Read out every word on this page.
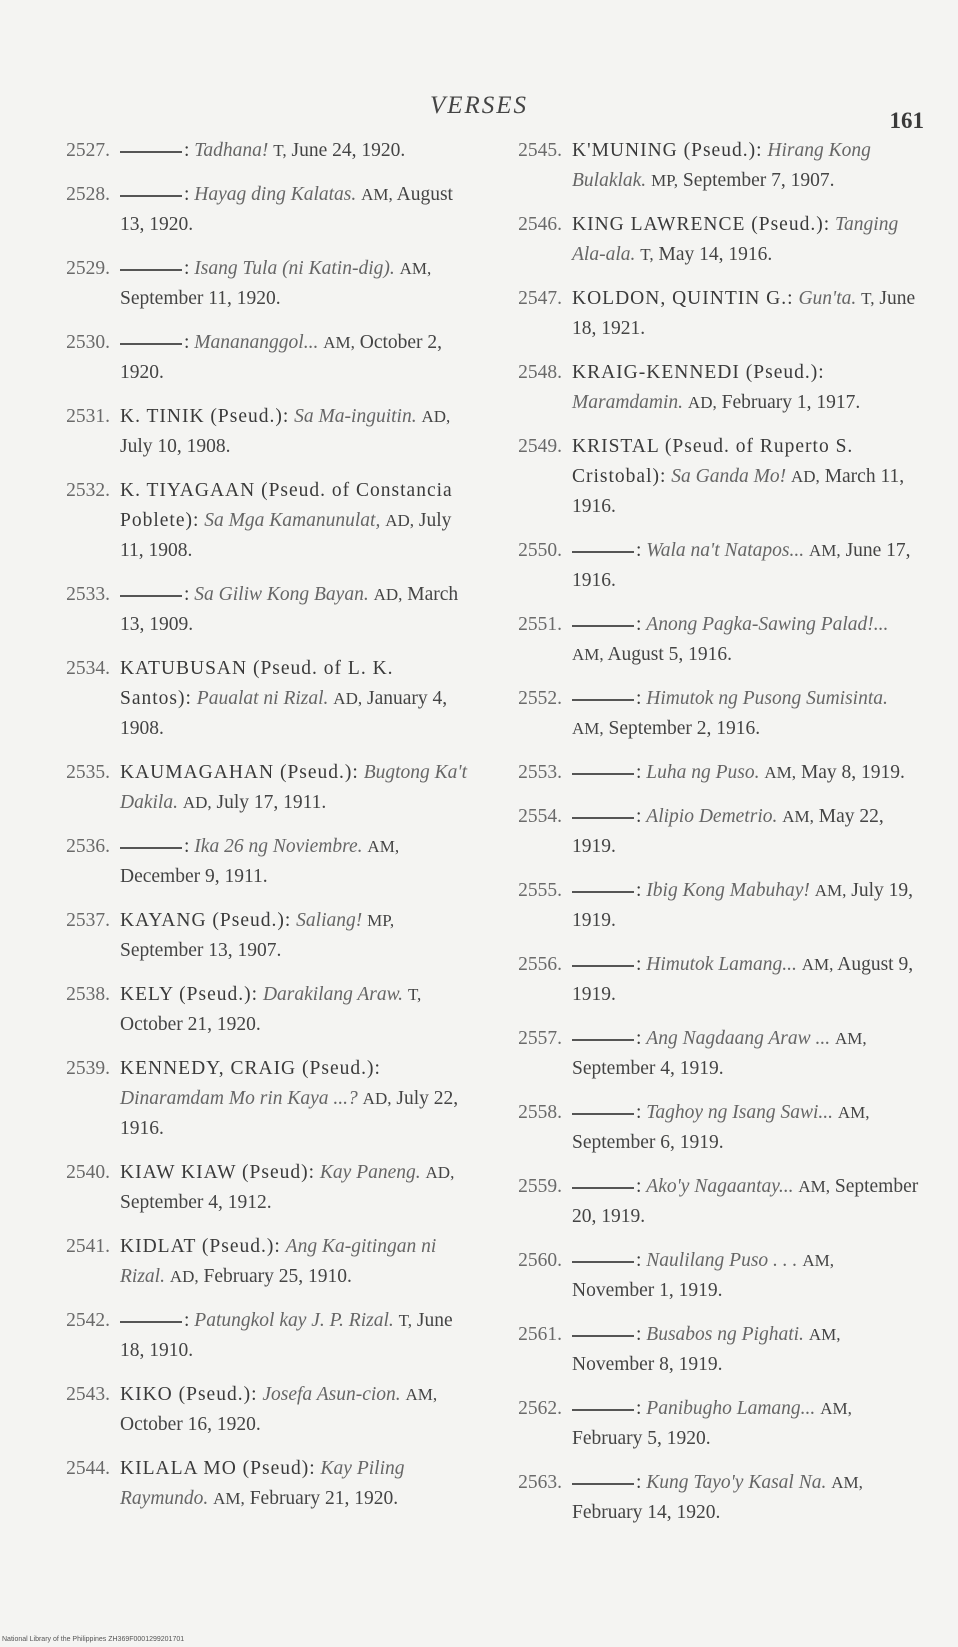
VERSES
161
2527.	: Tadhana! T, June 24, 1920.
2528.	: Hayag ding Kalatas. AM, August 13, 1920.
2529.	: Isang Tula (ni Katin-dig). AM, September 11, 1920.
2530.	: Manananggol... AM, October 2, 1920.
2531. K. TINIK (Pseud.): Sa Ma-inguitin. AD, July 10, 1908.
2532. K. TIYAGAAN (Pseud. of Constancia Poblete): Sa Mga Kamanunulat, AD, July 11, 1908.
2533.	: Sa Giliw Kong Bayan. AD, March 13, 1909.
2534. KATUBUSAN (Pseud. of L. K. Santos): Paualat ni Rizal. AD, January 4, 1908.
2535. KAUMAGAHAN (Pseud.): Bugtong Ka't Dakila. AD, July 17, 1911.
2536.	: Ika 26 ng Noviembre. AM, December 9, 1911.
2537. KAYANG (Pseud.): Saliang! MP, September 13, 1907.
2538. KELY (Pseud.): Darakilang Araw. T, October 21, 1920.
2539. KENNEDY, CRAIG (Pseud.): Dinaramdam Mo rin Kaya ...? AD, July 22, 1916.
2540. KIAW KIAW (Pseud): Kay Paneng. AD, September 4, 1912.
2541. KIDLAT (Pseud.): Ang Ka-gitingan ni Rizal. AD, February 25, 1910.
2542.	: Patungkol kay J. P. Rizal. T, June 18, 1910.
2543. KIKO (Pseud.): Josefa Asun-cion. AM, October 16, 1920.
2544. KILALA MO (Pseud): Kay Piling Raymundo. AM, February 21, 1920.
2545. K'MUNING (Pseud.): Hirang Kong Bulaklak. MP, September 7, 1907.
2546. KING LAWRENCE (Pseud.): Tanging Ala-ala. T, May 14, 1916.
2547. KOLDON, QUINTIN G.: Gun'ta. T, June 18, 1921.
2548. KRAIG-KENNEDI (Pseud.): Maramdamin. AD, February 1, 1917.
2549. KRISTAL (Pseud. of Ruperto S. Cristobal): Sa Ganda Mo! AD, March 11, 1916.
2550.	: Wala na't Natapos... AM, June 17, 1916.
2551.	: Anong Pagka-Sawing Palad!... AM, August 5, 1916.
2552.	: Himutok ng Pusong Sumisinta. AM, September 2, 1916.
2553.	: Luha ng Puso. AM, May 8, 1919.
2554.	: Alipio Demetrio. AM, May 22, 1919.
2555.	: Ibig Kong Mabuhay! AM, July 19, 1919.
2556.	: Himutok Lamang... AM, August 9, 1919.
2557.	: Ang Nagdaang Araw ... AM, September 4, 1919.
2558.	: Taghoy ng Isang Sawi... AM, September 6, 1919.
2559.	: Ako'y Nagaantay... AM, September 20, 1919.
2560.	: Naulilang Puso . . . AM, November 1, 1919.
2561.	: Busabos ng Pighati. AM, November 8, 1919.
2562.	: Panibugho Lamang... AM, February 5, 1920.
2563.	: Kung Tayo'y Kasal Na. AM, February 14, 1920.
National Library of the Philippines ZH369F0001299201701
